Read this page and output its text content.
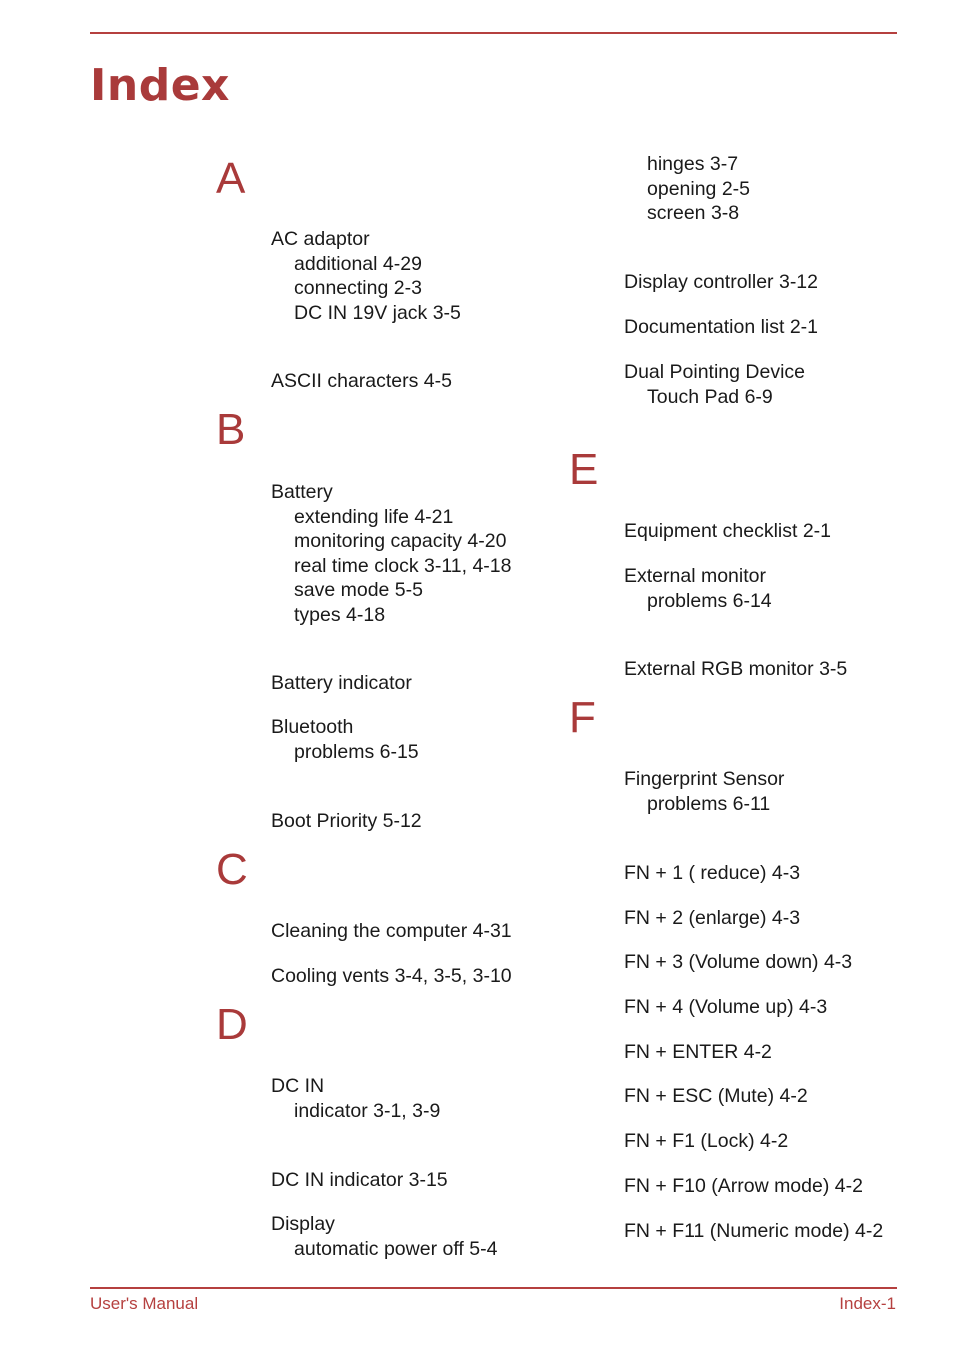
Index
A
AC adaptor
additional 4-29
connecting 2-3
DC IN 19V jack 3-5
ASCII characters 4-5
B
Battery
extending life 4-21
monitoring capacity 4-20
real time clock 3-11, 4-18
save mode 5-5
types 4-18
Battery indicator
Bluetooth
problems 6-15
Boot Priority 5-12
C
Cleaning the computer 4-31
Cooling vents 3-4, 3-5, 3-10
D
DC IN
indicator 3-1, 3-9
DC IN indicator 3-15
Display
automatic power off 5-4
hinges 3-7
opening 2-5
screen 3-8
Display controller 3-12
Documentation list 2-1
Dual Pointing Device
Touch Pad 6-9
E
Equipment checklist 2-1
External monitor
problems 6-14
External RGB monitor 3-5
F
Fingerprint Sensor
problems 6-11
FN + 1 ( reduce) 4-3
FN + 2 (enlarge) 4-3
FN + 3 (Volume down) 4-3
FN + 4 (Volume up) 4-3
FN + ENTER 4-2
FN + ESC (Mute) 4-2
FN + F1 (Lock) 4-2
FN + F10 (Arrow mode) 4-2
FN + F11 (Numeric mode) 4-2
User's Manual	Index-1
